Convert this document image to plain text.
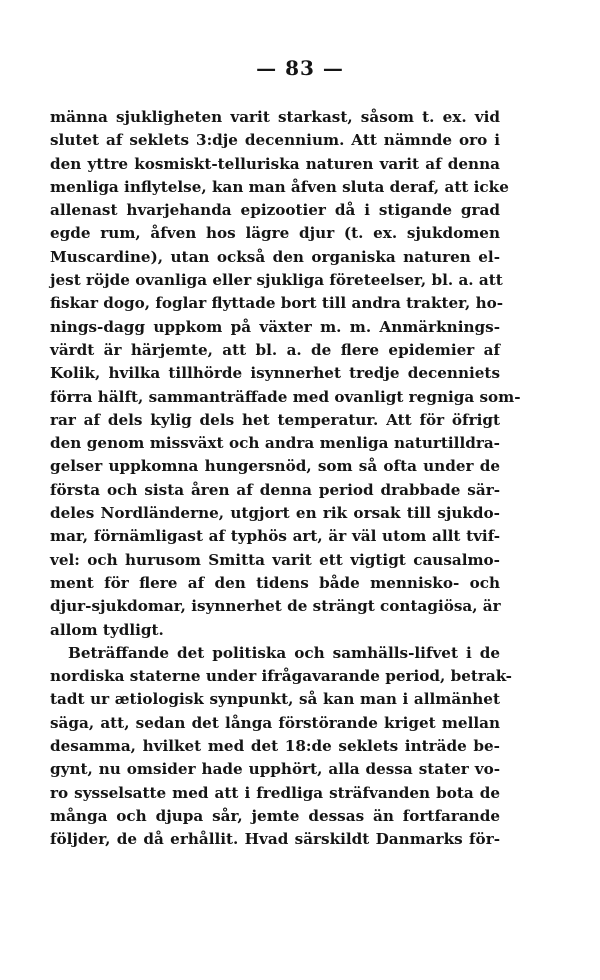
— 83 —
männa sjukligheten varit starkast, såsom t. ex. vid
slutet af seklets 3:dje decennium. Att nämnde oro i
den yttre kosmiskt-telluriska naturen varit af denna
menliga inflytelse, kan man åfven sluta deraf, att icke
allenast hvarjehanda epizootier då i stigande grad
egde rum, åfven hos lägre djur (t. ex. sjukdomen
Muscardine), utan också den organiska naturen el-
jest röjde ovanliga eller sjukliga företeelser, bl. a. att
fiskar dogo, foglar flyttade bort till andra trakter, ho-
nings-dagg uppkom på växter m. m. Anmärknings-
värdt är härjemte, att bl. a. de flere epidemier af
Kolik, hvilka tillhörde isynnerhet tredje decenniets
förra hälft, sammanträffade med ovanligt regniga som-
rar af dels kylig dels het temperatur. Att för öfrigt
den genom missväxt och andra menliga naturtilldra-
gelser uppkomna hungersnöd, som så ofta under de
första och sista åren af denna period drabbade sär-
deles Nordländerne, utgjort en rik orsak till sjukdo-
mar, förnämligast af typhös art, är väl utom allt tvif-
vel: och hurusom Smitta varit ett vigtigt causalmo-
ment för flere af den tidens både mennisko- och
djur-sjukdomar, isynnerhet de strängt contagiösa, är
allom tydligt.
Beträffande det politiska och samhälls-lifvet i de
nordiska staterne under ifrågavarande period, betrak-
tadt ur ætiologisk synpunkt, så kan man i allmänhet
säga, att, sedan det långa förstörande kriget mellan
desamma, hvilket med det 18:de seklets inträde be-
gynt, nu omsider hade upphört, alla dessa stater vo-
ro sysselsatte med att i fredliga sträfvanden bota de
många och djupa sår, jemte dessas än fortfarande
följder, de då erhållit. Hvad särskildt Danmarks för-
